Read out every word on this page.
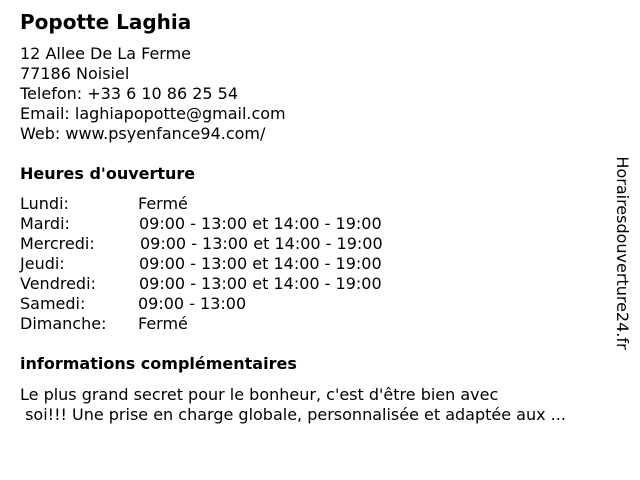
Popotte Laghia
12 Allee De La Ferme
77186 Noisiel
Telefon: +33 6 10 86 25 54
Email: laghiapopotte@gmail.com
Web: www.psyenfance94.com/
Heures d'ouverture
Lundi:	Fermé
Mardi:	09:00 - 13:00 et 14:00 - 19:00
Mercredi:	09:00 - 13:00 et 14:00 - 19:00
Jeudi:	09:00 - 13:00 et 14:00 - 19:00
Vendredi:	09:00 - 13:00 et 14:00 - 19:00
Samedi:	09:00 - 13:00
Dimanche: Fermé
informations complémentaires
Le plus grand secret pour le bonheur, c'est d'être bien avec
soi!!! Une prise en charge globale, personnalisée et adaptée aux ...
Horairesdouverture24.fr
